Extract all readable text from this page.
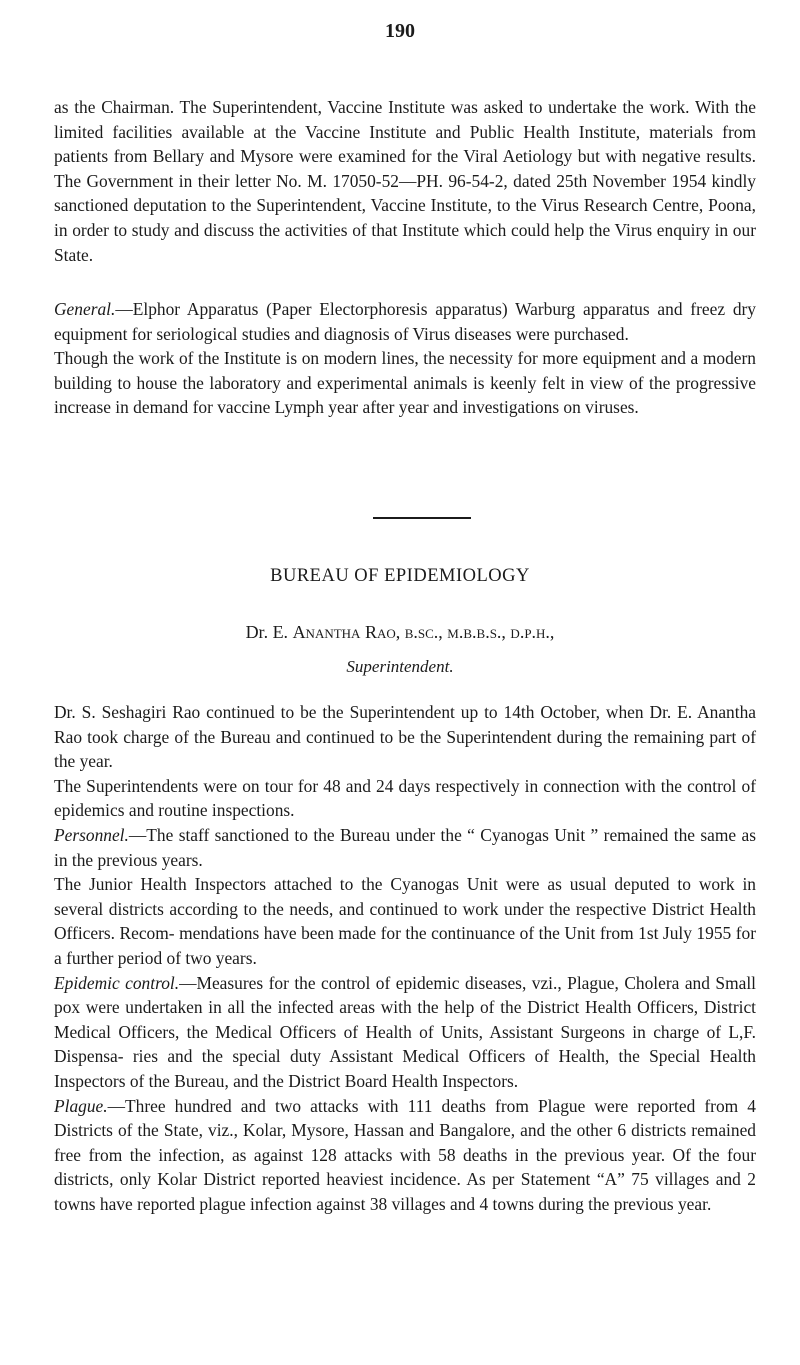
190

as the Chairman. The Superintendent, Vaccine Institute was asked to undertake the work. With the limited facilities available at the Vaccine Institute and Public Health Institute, materials from patients from Bellary and Mysore were examined for the Viral Aetiology but with negative results. The Government in their letter No. M. 17050-52—PH. 96-54-2, dated 25th November 1954 kindly sanctioned deputation to the Superintendent, Vaccine Institute, to the Virus Research Centre, Poona, in order to study and discuss the activities of that Institute which could help the Virus enquiry in our State.

General.—Elphor Apparatus (Paper Electorphoresis apparatus) Warburg apparatus and freez dry equipment for seriological studies and diagnosis of Virus diseases were purchased.

Though the work of the Institute is on modern lines, the necessity for more equipment and a modern building to house the laboratory and experimental animals is keenly felt in view of the progressive increase in demand for vaccine Lymph year after year and investigations on viruses.

BUREAU OF EPIDEMIOLOGY
Dr. E. Anantha Rao, b.sc., m.b.b.s., d.p.h.,
Superintendent.

Dr. S. Seshagiri Rao continued to be the Superintendent up to 14th October, when Dr. E. Anantha Rao took charge of the Bureau and continued to be the Superintendent during the remaining part of the year.

The Superintendents were on tour for 48 and 24 days respectively in connection with the control of epidemics and routine inspections.

Personnel.—The staff sanctioned to the Bureau under the “ Cyanogas Unit ” remained the same as in the previous years.

The Junior Health Inspectors attached to the Cyanogas Unit were as usual deputed to work in several districts according to the needs, and continued to work under the respective District Health Officers. Recom- mendations have been made for the continuance of the Unit from 1st July 1955 for a further period of two years.

Epidemic control.—Measures for the control of epidemic diseases, vzi., Plague, Cholera and Small pox were undertaken in all the infected areas with the help of the District Health Officers, District Medical Officers, the Medical Officers of Health of Units, Assistant Surgeons in charge of L,F. Dispensa- ries and the special duty Assistant Medical Officers of Health, the Special Health Inspectors of the Bureau, and the District Board Health Inspectors.

Plague.—Three hundred and two attacks with 111 deaths from Plague were reported from 4 Districts of the State, viz., Kolar, Mysore, Hassan and Bangalore, and the other 6 districts remained free from the infection, as against 128 attacks with 58 deaths in the previous year. Of the four districts, only Kolar District reported heaviest incidence. As per Statement “A” 75 villages and 2 towns have reported plague infection against 38 villages and 4 towns during the previous year.
